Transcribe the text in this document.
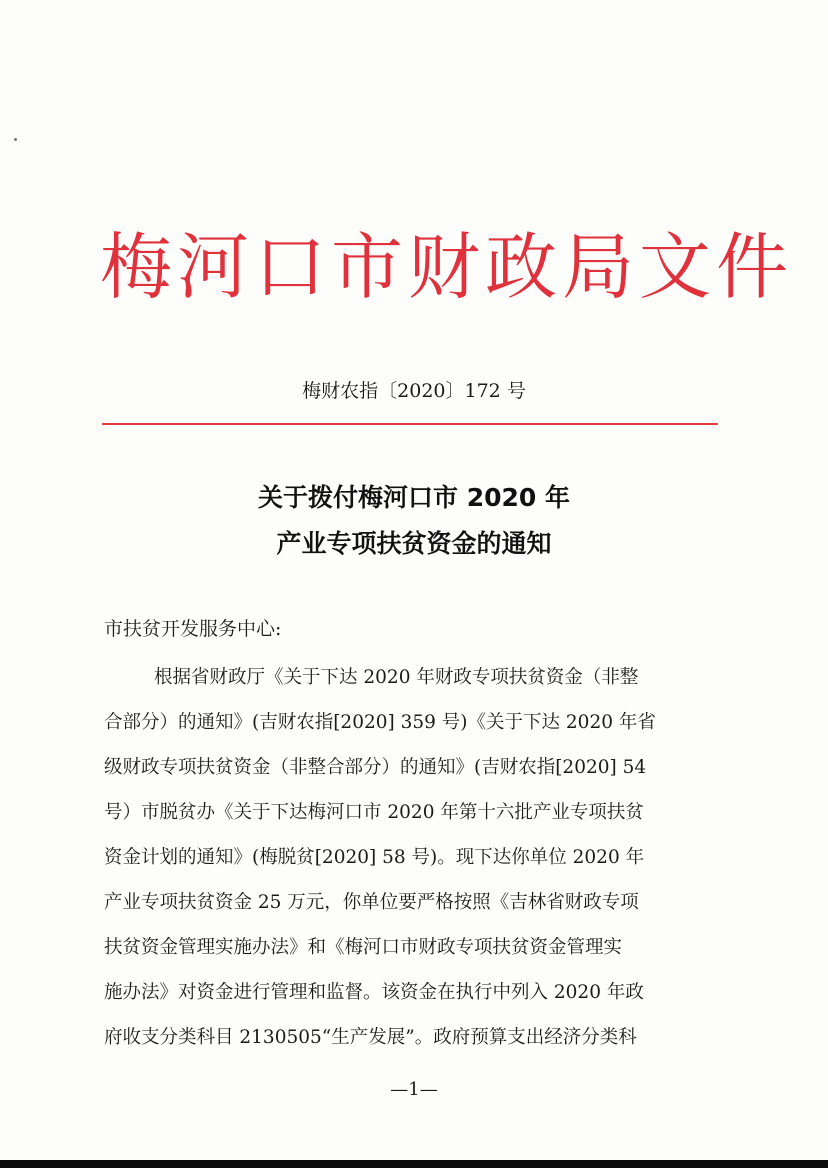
梅河口市财政局文件
梅财农指〔2020〕172 号
关于拨付梅河口市 2020 年
产业专项扶贫资金的通知
市扶贫开发服务中心:
根据省财政厅《关于下达 2020 年财政专项扶贫资金（非整
合部分）的通知》(吉财农指[2020] 359 号)《关于下达 2020 年省
级财政专项扶贫资金（非整合部分）的通知》(吉财农指[2020] 54
号）市脱贫办《关于下达梅河口市 2020 年第十六批产业专项扶贫
资金计划的通知》(梅脱贫[2020] 58 号)。现下达你单位 2020 年
产业专项扶贫资金 25 万元，你单位要严格按照《吉林省财政专项
扶贫资金管理实施办法》和《梅河口市财政专项扶贫资金管理实
施办法》对资金进行管理和监督。该资金在执行中列入 2020 年政
府收支分类科目 2130505“生产发展”。政府预算支出经济分类科
—1—
